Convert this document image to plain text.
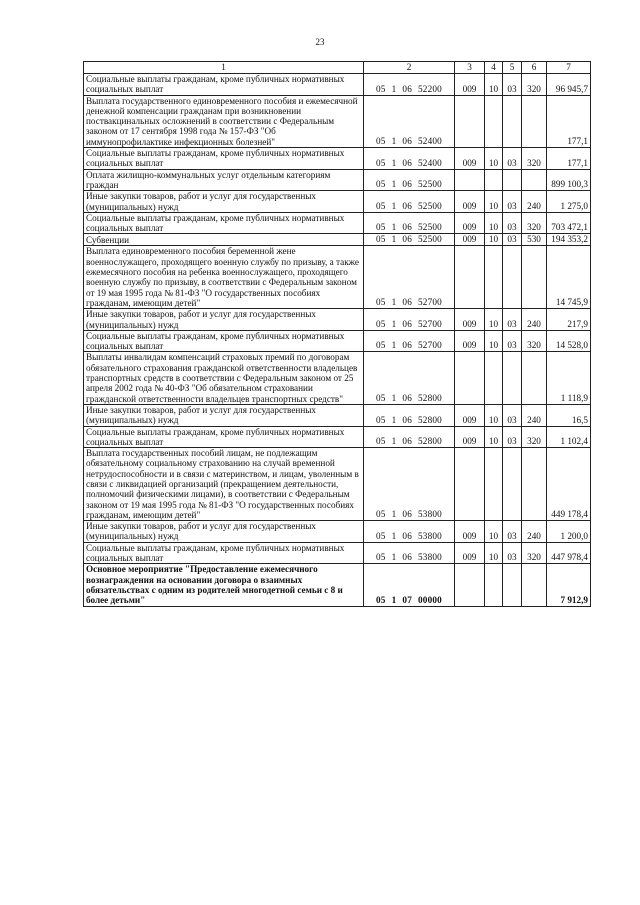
23
1	2	3	4	5	6	7
Социальные выплаты гражданам, кроме публичных нормативных социальных выплат	05 1 06 52200	009	10	03	320	96 945,7
Выплата государственного единовременного пособия и ежемесячной денежной компенсации гражданам при возникновении поствакцинальных осложнений в соответствии с Федеральным законом от 17 сентября 1998 года № 157-ФЗ "Об иммунопрофилактике инфекционных болезней"	05 1 06 52400					177,1
Социальные выплаты гражданам, кроме публичных нормативных социальных выплат	05 1 06 52400	009	10	03	320	177,1
Оплата жилищно-коммунальных услуг отдельным категориям граждан	05 1 06 52500					899 100,3
Иные закупки товаров, работ и услуг для государственных (муниципальных) нужд	05 1 06 52500	009	10	03	240	1 275,0
Социальные выплаты гражданам, кроме публичных нормативных социальных выплат	05 1 06 52500	009	10	03	320	703 472,1
Субвенции	05 1 06 52500	009	10	03	530	194 353,2
Выплата единовременного пособия беременной жене военнослужащего, проходящего военную службу по призыву, а также ежемесячного пособия на ребенка военнослужащего, проходящего военную службу по призыву, в соответствии с Федеральным законом от 19 мая 1995 года № 81-ФЗ "О государственных пособиях гражданам, имеющим детей"	05 1 06 52700					14 745,9
Иные закупки товаров, работ и услуг для государственных (муниципальных) нужд	05 1 06 52700	009	10	03	240	217,9
Социальные выплаты гражданам, кроме публичных нормативных социальных выплат	05 1 06 52700	009	10	03	320	14 528,0
Выплаты инвалидам компенсаций страховых премий по договорам обязательного страхования гражданской ответственности владельцев транспортных средств в соответствии с Федеральным законом от 25 апреля 2002 года № 40-ФЗ "Об обязательном страховании гражданской ответственности владельцев транспортных средств"	05 1 06 52800					1 118,9
Иные закупки товаров, работ и услуг для государственных (муниципальных) нужд	05 1 06 52800	009	10	03	240	16,5
Социальные выплаты гражданам, кроме публичных нормативных социальных выплат	05 1 06 52800	009	10	03	320	1 102,4
Выплата государственных пособий лицам, не подлежащим обязательному социальному страхованию на случай временной нетрудоспособности и в связи с материнством, и лицам, уволенным в связи с ликвидацией организаций (прекращением деятельности, полномочий физическими лицами), в соответствии с Федеральным законом от 19 мая 1995 года № 81-ФЗ "О государственных пособиях гражданам, имеющим детей"	05 1 06 53800					449 178,4
Иные закупки товаров, работ и услуг для государственных (муниципальных) нужд	05 1 06 53800	009	10	03	240	1 200,0
Социальные выплаты гражданам, кроме публичных нормативных социальных выплат	05 1 06 53800	009	10	03	320	447 978,4
Основное мероприятие "Предоставление ежемесячного вознаграждения на основании договора о взаимных обязательствах с одним из родителей многодетной семьи с 8 и более детьми"	05 1 07 00000					7 912,9
